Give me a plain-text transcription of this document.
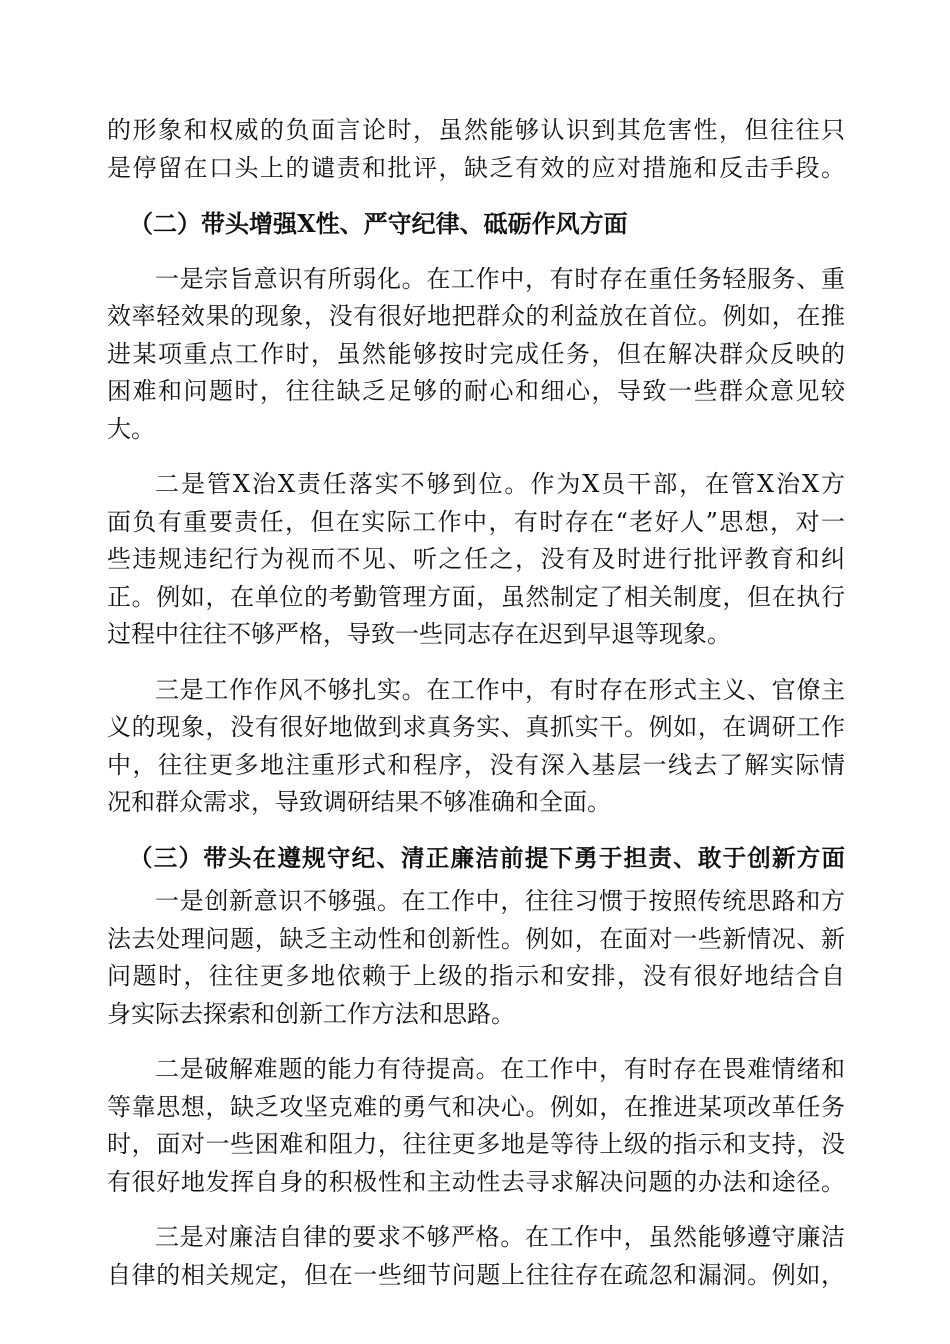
的形象和权威的负面言论时，虽然能够认识到其危害性，但往往只
是停留在口头上的谴责和批评，缺乏有效的应对措施和反击手段。
（二）带头增强X性、严守纪律、砥砺作风方面
一是宗旨意识有所弱化。在工作中，有时存在重任务轻服务、重
效率轻效果的现象，没有很好地把群众的利益放在首位。例如，在推
进某项重点工作时，虽然能够按时完成任务，但在解决群众反映的
困难和问题时，往往缺乏足够的耐心和细心，导致一些群众意见较
大。
二是管X治X责任落实不够到位。作为X员干部，在管X治X方
面负有重要责任，但在实际工作中，有时存在“老好人”思想，对一
些违规违纪行为视而不见、听之任之，没有及时进行批评教育和纠
正。例如，在单位的考勤管理方面，虽然制定了相关制度，但在执行
过程中往往不够严格，导致一些同志存在迟到早退等现象。
三是工作作风不够扎实。在工作中，有时存在形式主义、官僚主
义的现象，没有很好地做到求真务实、真抓实干。例如，在调研工作
中，往往更多地注重形式和程序，没有深入基层一线去了解实际情
况和群众需求，导致调研结果不够准确和全面。
（三）带头在遵规守纪、清正廉洁前提下勇于担责、敢于创新方面
一是创新意识不够强。在工作中，往往习惯于按照传统思路和方
法去处理问题，缺乏主动性和创新性。例如，在面对一些新情况、新
问题时，往往更多地依赖于上级的指示和安排，没有很好地结合自
身实际去探索和创新工作方法和思路。
二是破解难题的能力有待提高。在工作中，有时存在畏难情绪和
等靠思想，缺乏攻坚克难的勇气和决心。例如，在推进某项改革任务
时，面对一些困难和阻力，往往更多地是等待上级的指示和支持，没
有很好地发挥自身的积极性和主动性去寻求解决问题的办法和途径。
三是对廉洁自律的要求不够严格。在工作中，虽然能够遵守廉洁
自律的相关规定，但在一些细节问题上往往存在疏忽和漏洞。例如，
